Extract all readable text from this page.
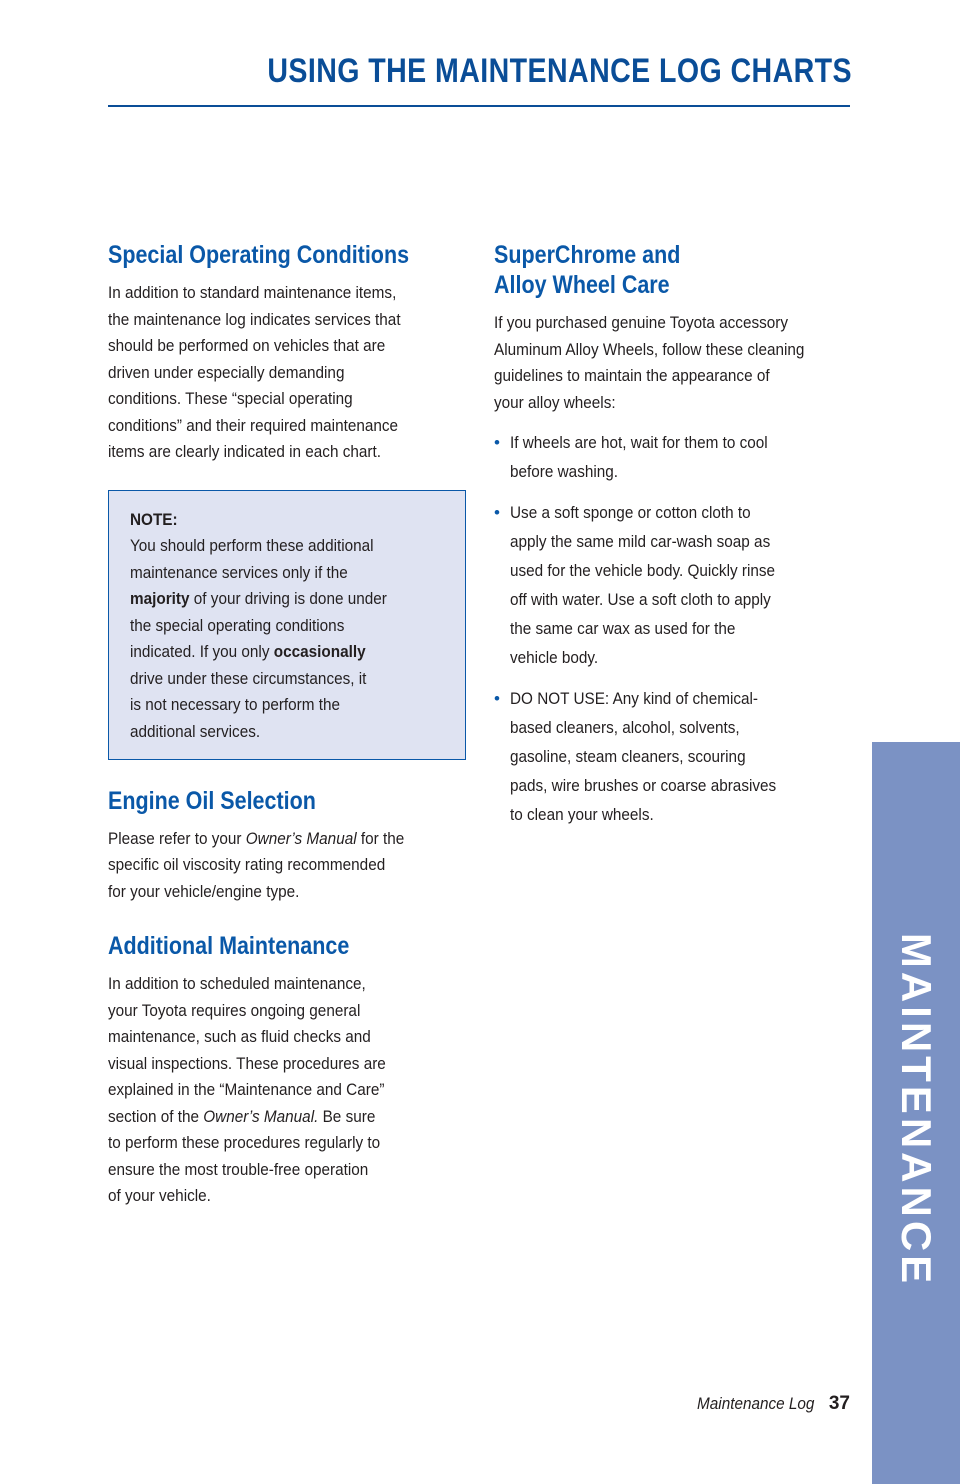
USING THE MAINTENANCE LOG CHARTS
Special Operating Conditions

In addition to standard maintenance items,
the maintenance log indicates services that
should be performed on vehicles that are
driven under especially demanding
conditions. These “special operating
conditions” and their required maintenance
items are clearly indicated in each chart.

NOTE:
You should perform these additional
maintenance services only if the
majority of your driving is done under
the special operating conditions
indicated. If you only occasionally
drive under these circumstances, it
is not necessary to perform the
additional services.
Engine Oil Selection

Please refer to your Owner’s Manual for the
specific oil viscosity rating recommended
for your vehicle/engine type.

Additional Maintenance

In addition to scheduled maintenance,
your Toyota requires ongoing general
maintenance, such as fluid checks and
visual inspections. These procedures are
explained in the “Maintenance and Care”
section of the Owner’s Manual. Be sure
to perform these procedures regularly to
ensure the most trouble-free operation
of your vehicle.

SuperChrome and
Alloy Wheel Care

If you purchased genuine Toyota accessory
Aluminum Alloy Wheels, follow these cleaning
guidelines to maintain the appearance of
your alloy wheels:

• If wheels are hot, wait for them to cool
before washing.
• Use a soft sponge or cotton cloth to
apply the same mild car-wash soap as
used for the vehicle body. Quickly rinse
off with water. Use a soft cloth to apply
the same car wax as used for the
vehicle body.
• DO NOT USE: Any kind of chemical-
based cleaners, alcohol, solvents,
gasoline, steam cleaners, scouring
pads, wire brushes or coarse abrasives
to clean your wheels.
MAINTENANCE
Maintenance Log 37
